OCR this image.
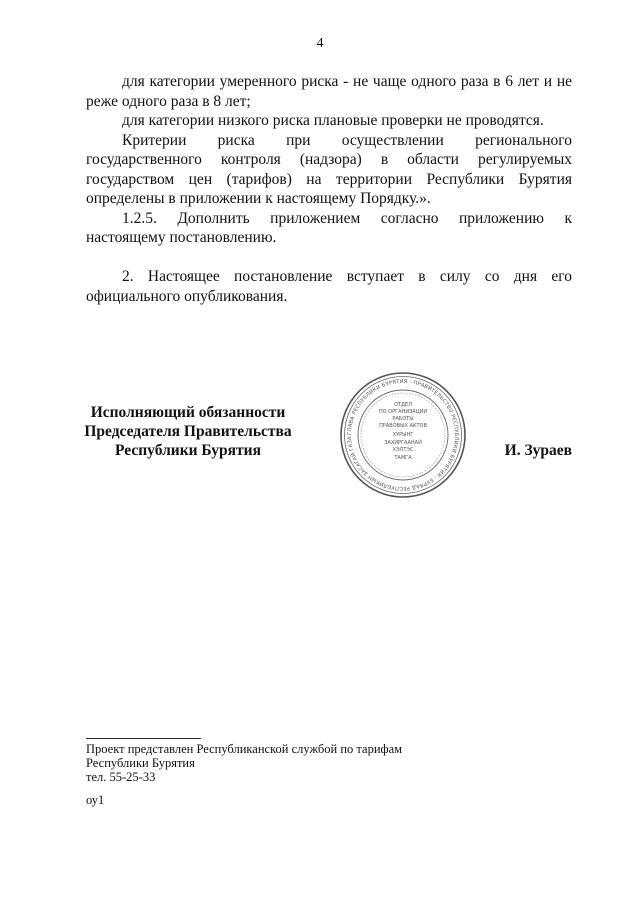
4

для категории умеренного риска - не чаще одного раза в 6 лет и не реже одного раза в 8 лет;

для категории низкого риска плановые проверки не проводятся.

Критерии риска при осуществлении регионального государственного контроля (надзора) в области регулируемых государством цен (тарифов) на территории Республики Бурятия определены в приложении к настоящему Порядку.».

1.2.5. Дополнить приложением согласно приложению к настоящему постановлению.

2. Настоящее постановление вступает в силу со дня его официального опубликования.

Исполняющий обязанности
Председателя Правительства
Республики Бурятия
ГЛАВА РЕСПУБЛИКИ БУРЯТИЯ · ПРАВИТЕЛЬСТВО РЕСПУБЛИКИ БУРЯТИЯ · БУРЯАД РЕСПУБЛИКЫН ЗАСАГАЙ ГАЗА
ОТДЕЛ
ПО ОРГАНИЗАЦИИ
РАБОТЫ
ПРАВОВЫХ АКТОВ
ХУРЫНГ
ЗАХИРГААНАЙ
ХЭЛТЭС
ТАМГА	И. Зураев
Проект представлен Республиканской службой по тарифам
Республики Бурятия
тел. 55-25-33
оу1
